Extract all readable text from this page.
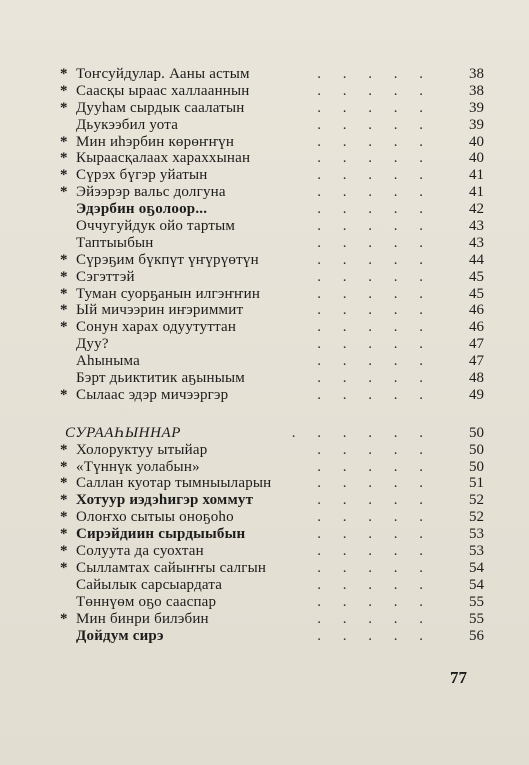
* Тоҥсуйдулар. Ааны астым	. . . . .	38
* Саасқы ыраас халлааннын	. . . . .	38
* Дууһам сырдык саалатын	. . . . .	39
Дьукээбил уота	. . . . .	39
* Мин иһэрбин көрөҥҥүн	. . . . .	40
* Кыраасқалаах хараххынан	. . . . .	40
* Сүрэх бүгэр уйатын	. . . . .	41
* Эйээрэр вальс долгуна	. . . . .	41
Эдэрбин оҕолоор...	. . . . .	42
Оччугуйдук ойо тартым	. . . . .	43
Таптыыбын	. . . . .	43
* Сүрэҕим бүкпүт үҥүрүөтүн	. . . . .	44
* Сэгэттэй	. . . . .	45
* Туман суорҕанын илгэҥҥин	. . . . .	45
* Ый мичээрин иҥэриммит	. . . . .	46
* Сонун харах одуутуттан	. . . . .	46
Дуу?	. . . . .	47
Аһыныма	. . . . .	47
Бэрт дьиктитик аҕыныым	. . . . .	48
* Сылаас эдэр мичээргэр	. . . . .	49
СУРААҺЫННАР	. . . . . .	50
* Холоруктуу ытыйар	. . . . .	50
* «Түннүк уолабын»	. . . . .	50
* Саллан куотар тымныыларын	. . . . .	51
* Хотуур иэдэһигэр хоммут	. . . . .	52
* Олоҥхо сытыы оноҕоһо	. . . . .	52
* Сирэйдиин сырдыыбын	. . . . .	53
* Солуута да суохтан	. . . . .	53
* Сылламтах сайыҥҥы салгын	. . . . .	54
Сайылык сарсыардата	. . . . .	54
Төннүөм оҕо сааспар	. . . . .	55
* Мин бинри билэбин	. . . . .	55
Дойдум сирэ	. . . . .	56
77
